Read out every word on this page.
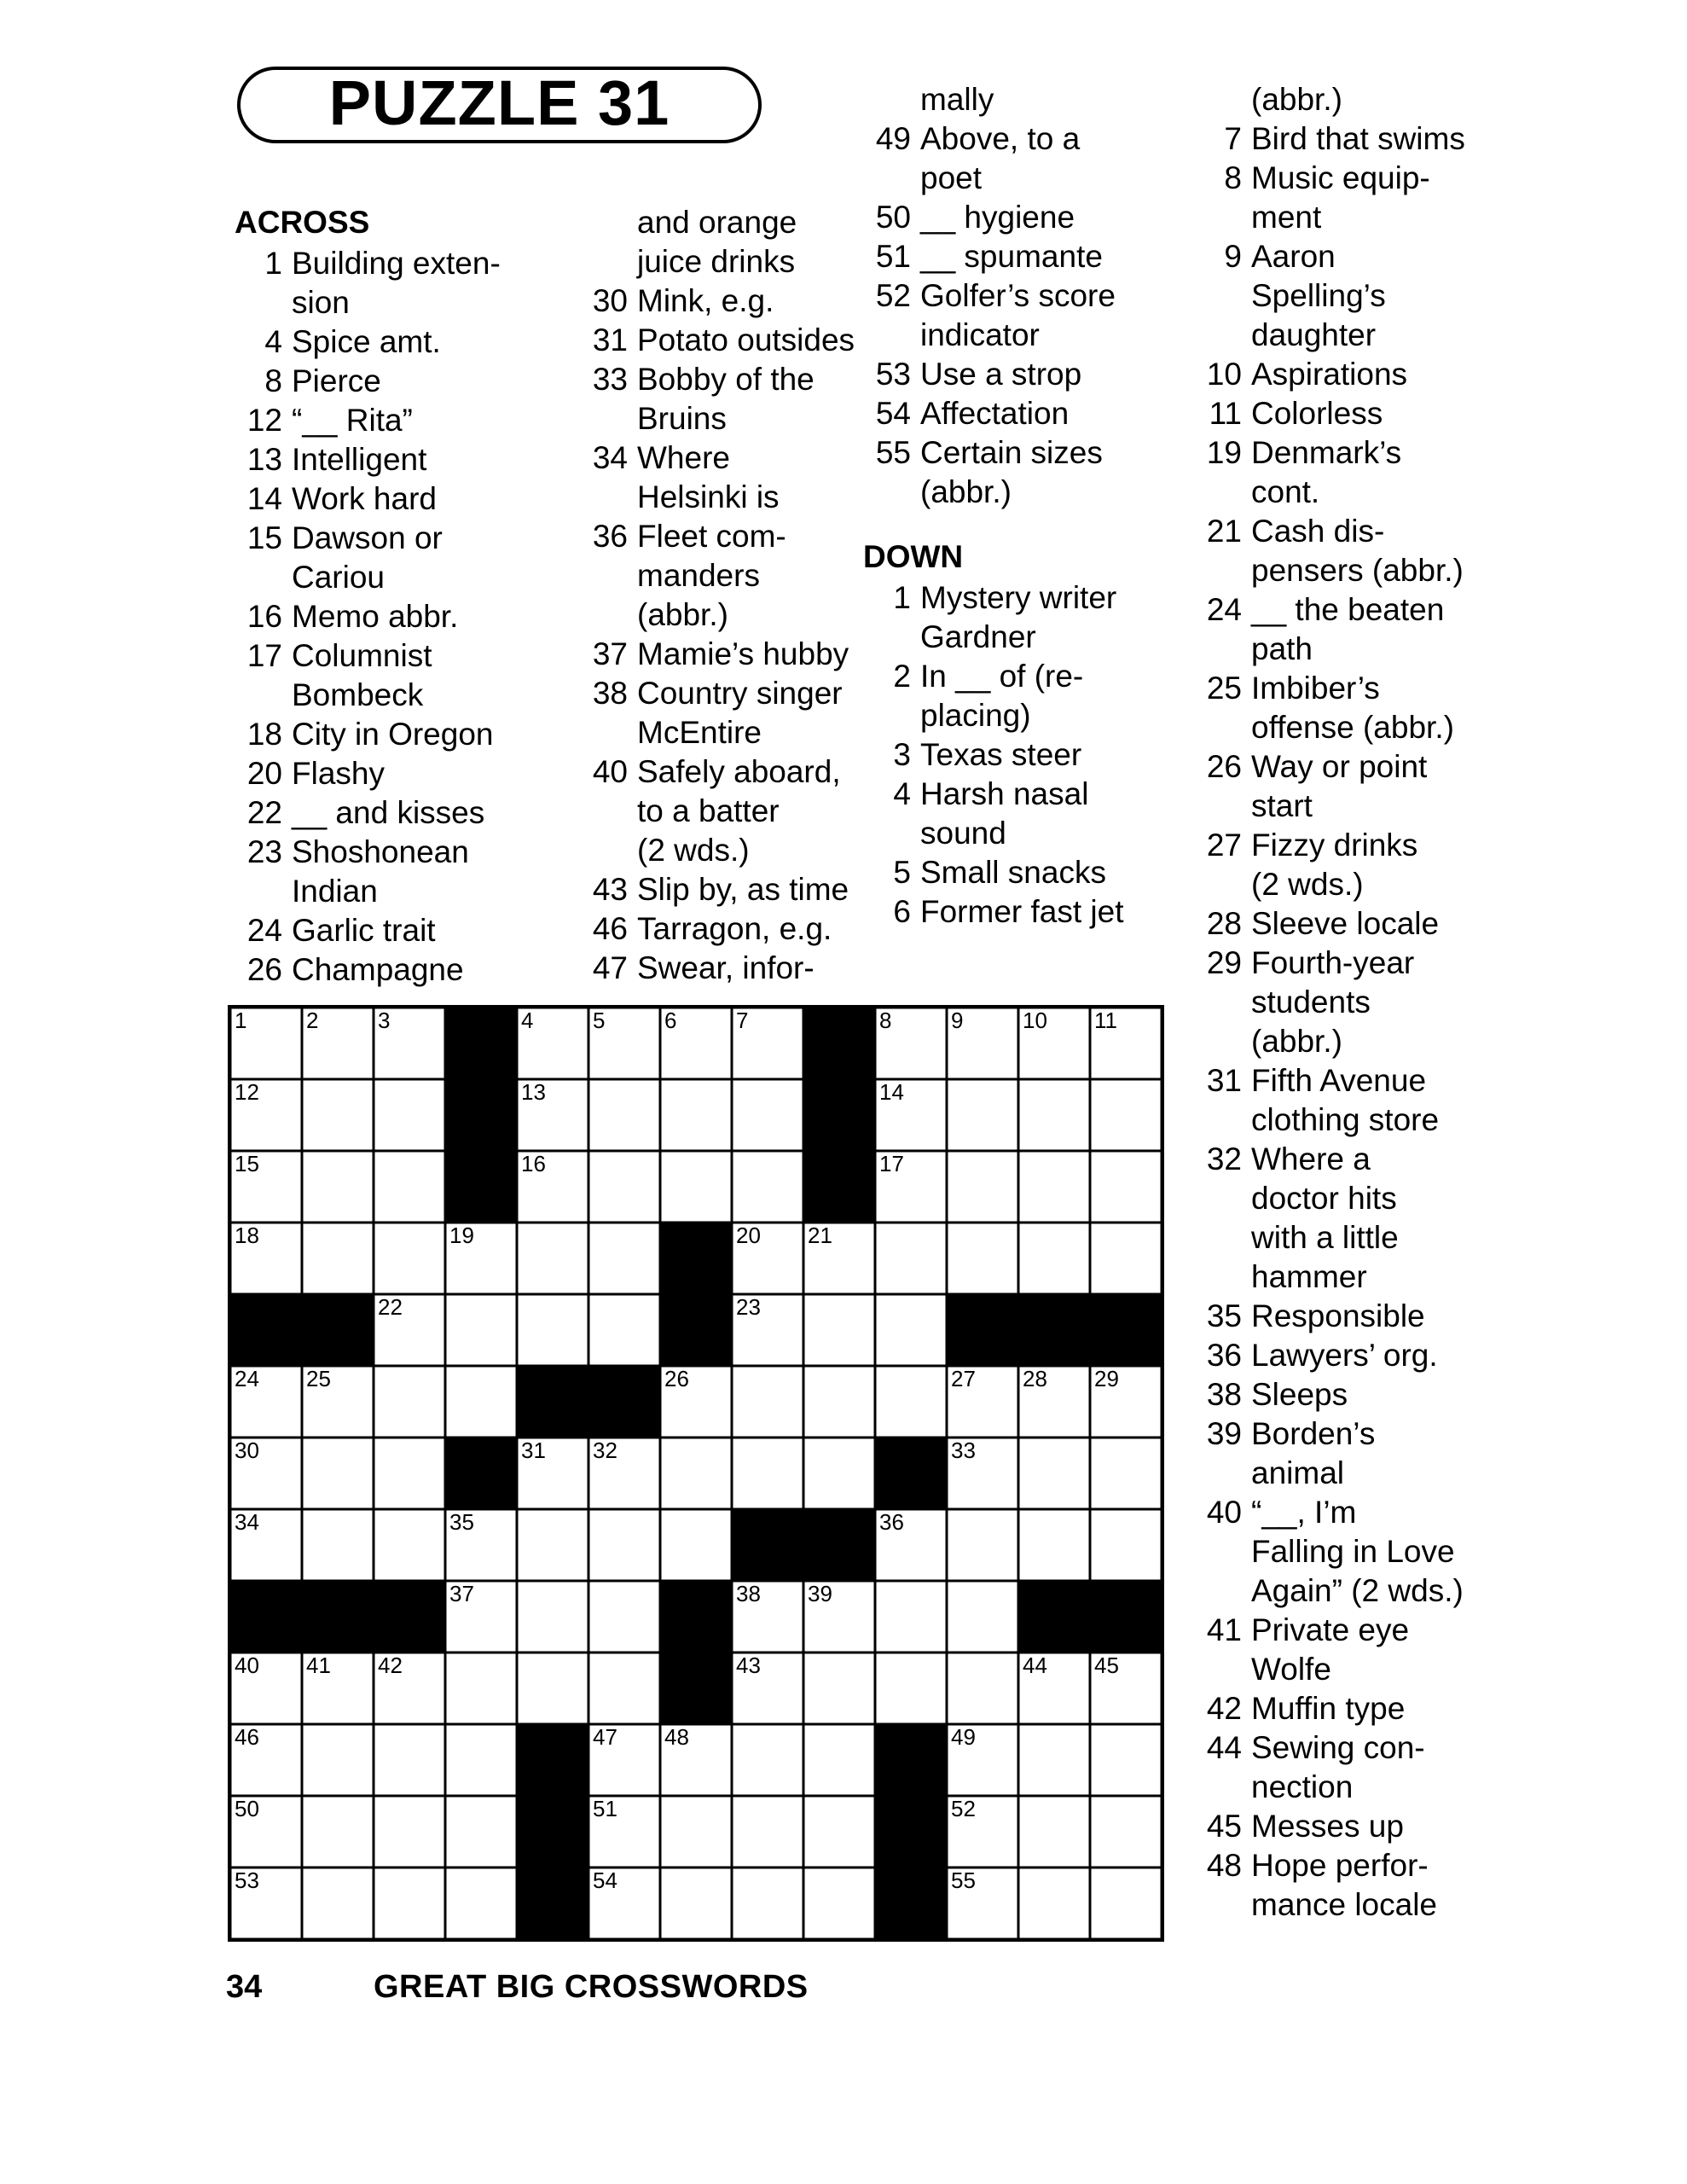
PUZZLE 31
ACROSS
1 Building exten-
sion
4 Spice amt.
8 Pierce
12 “__ Rita”
13 Intelligent
14 Work hard
15 Dawson or
Cariou
16 Memo abbr.
17 Columnist
Bombeck
18 City in Oregon
20 Flashy
22 __ and kisses
23 Shoshonean
Indian
24 Garlic trait
26 Champagne
and orange
juice drinks
30 Mink, e.g.
31 Potato outsides
33 Bobby of the
Bruins
34 Where
Helsinki is
36 Fleet com-
manders
(abbr.)
37 Mamie’s hubby
38 Country singer
McEntire
40 Safely aboard,
to a batter
(2 wds.)
43 Slip by, as time
46 Tarragon, e.g.
47 Swear, infor-
mally
49 Above, to a
poet
50 __ hygiene
51 __ spumante
52 Golfer’s score
indicator
53 Use a strop
54 Affectation
55 Certain sizes
(abbr.)
DOWN
1 Mystery writer
Gardner
2 In __ of (re-
placing)
3 Texas steer
4 Harsh nasal
sound
5 Small snacks
6 Former fast jet
(abbr.)
7 Bird that swims
8 Music equip-
ment
9 Aaron
Spelling’s
daughter
10 Aspirations
11 Colorless
19 Denmark’s
cont.
21 Cash dis-
pensers (abbr.)
24 __ the beaten
path
25 Imbiber’s
offense (abbr.)
26 Way or point
start
27 Fizzy drinks
(2 wds.)
28 Sleeve locale
29 Fourth-year
students
(abbr.)
31 Fifth Avenue
clothing store
32 Where a
doctor hits
with a little
hammer
35 Responsible
36 Lawyers’ org.
38 Sleeps
39 Borden’s
animal
40 “__, I’m
Falling in Love
Again” (2 wds.)
41 Private eye
Wolfe
42 Muffin type
44 Sewing con-
nection
45 Messes up
48 Hope perfor-
mance locale
1	2	3	4	5	6	7	8	9	10 11
12	13	14
15	16	17
18	19	20 21
22	23
24 25	26	27 28 29
30	31 32	33
34	35	36
37	38 39
40 41 42	43	44 45
46	47 48	49
50	51	52
53	54	55
34	GREAT BIG CROSSWORDS
